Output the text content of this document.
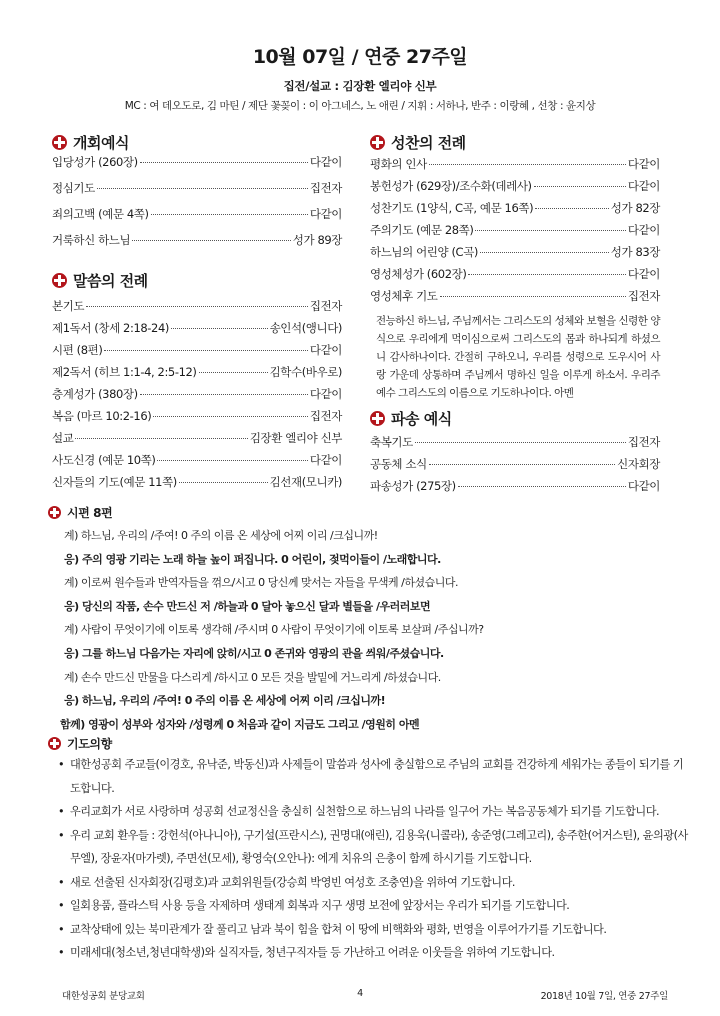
10월 07일 / 연중 27주일
집전/설교 : 김장환 엘리야 신부
MC : 여 데오도로, 김 마틴 / 제단 꽃꽂이 : 이 아그네스, 노 애린 / 지휘 : 서하나, 반주 : 이랑혜 , 선창 : 윤지상
개회예식
입당성가 (260장)	다같이
정심기도	집전자
죄의고백 (예문 4쪽)	다같이
거룩하신 하느님	성가 89장
말씀의 전례
본기도	집전자
제1독서 (창세 2:18-24)	송인석(앵니다)
시편 (8편)	다같이
제2독서 (히브 1:1-4, 2:5-12)	김학수(바우로)
층계성가 (380장)	다같이
복음 (마르 10:2-16)	집전자
설교	김장환 엘리야 신부
사도신경 (예문 10쪽)	다같이
신자들의 기도(예문 11쪽)	김선재(모니카)
성찬의 전례
평화의 인사	다같이
봉헌성가 (629장)/조수화(데레사)	다같이
성찬기도 (1양식, C곡, 예문 16쪽)	성가 82장
주의기도 (예문 28쪽)	다같이
하느님의 어린양 (C곡)	성가 83장
영성체성가 (602장)	다같이
영성체후 기도	집전자
전능하신 하느님, 주님께서는 그리스도의 성체와 보혈을 신령한 양식으로 우리에게 먹이심으로써 그리스도의 몸과 하나되게 하셨으니 감사하나이다. 간절히 구하오니, 우리를 성령으로 도우시어 사랑 가운데 상통하며 주님께서 명하신 일을 이루게 하소서. 우리주 예수 그리스도의 이름으로 기도하나이다. 아멘
파송 예식
축복기도	집전자
공동체 소식	신자회장
파송성가 (275장)	다같이
시편 8편
계) 하느님, 우리의 /주여! 0 주의 이름 온 세상에 어찌 이리 /크십니까!
응) 주의 영광 기리는 노래 하늘 높이 퍼집니다. 0 어린이, 젖먹이들이 /노래합니다.
계) 이로써 원수들과 반역자들을 꺾으/시고 0 당신께 맞서는 자들을 무색케 /하셨습니다.
응) 당신의 작품, 손수 만드신 저 /하늘과 0 달아 놓으신 달과 별들을 /우러러보면
계) 사람이 무엇이기에 이토록 생각해 /주시며 0 사람이 무엇이기에 이토록 보살펴 /주십니까?
응) 그를 하느님 다음가는 자리에 앉히/시고 0 존귀와 영광의 관을 씌워/주셨습니다.
계) 손수 만드신 만물을 다스리게 /하시고 0 모든 것을 발밑에 거느리게 /하셨습니다.
응) 하느님, 우리의 /주여! 0 주의 이름 온 세상에 어찌 이리 /크십니까!
함께) 영광이 성부와 성자와 /성령께 0 처음과 같이 지금도 그리고 /영원히 아멘
기도의향
• 대한성공회 주교들(이경호, 유낙준, 박동신)과 사제들이 말씀과 성사에 충실함으로 주님의 교회를 건강하게 세워가는 종들이 되기를 기도합니다.
• 우리교회가 서로 사랑하며 성공회 선교정신을 충실히 실천함으로 하느님의 나라를 일구어 가는 복음공동체가 되기를 기도합니다.
• 우리 교회 환우들 : 강헌석(아나니아), 구기설(프란시스), 권명대(애린), 김용욱(니콜라), 송준영(그레고리), 송주한(어거스틴), 윤의광(사무엘), 장윤자(마가렛), 주면선(모세), 황영숙(오안나): 에게 치유의 은총이 함께 하시기를 기도합니다.
• 새로 선출된 신자회장(김평호)과 교회위원들(강승희 박영빈 여성호 조충연)을 위하여 기도합니다.
• 일회용품, 플라스틱 사용 등을 자제하며 생태계 회복과 지구 생명 보전에 앞장서는 우리가 되기를 기도합니다.
• 교착상태에 있는 북미관계가 잘 풀리고 남과 북이 힘을 합쳐 이 땅에 비핵화와 평화, 번영을 이루어가기를 기도합니다.
• 미래세대(청소년,청년대학생)와 실직자들, 청년구직자들 등 가난하고 어려운 이웃들을 위하여 기도합니다.
대한성공회 분당교회	4	2018년 10월 7일, 연중 27주일
